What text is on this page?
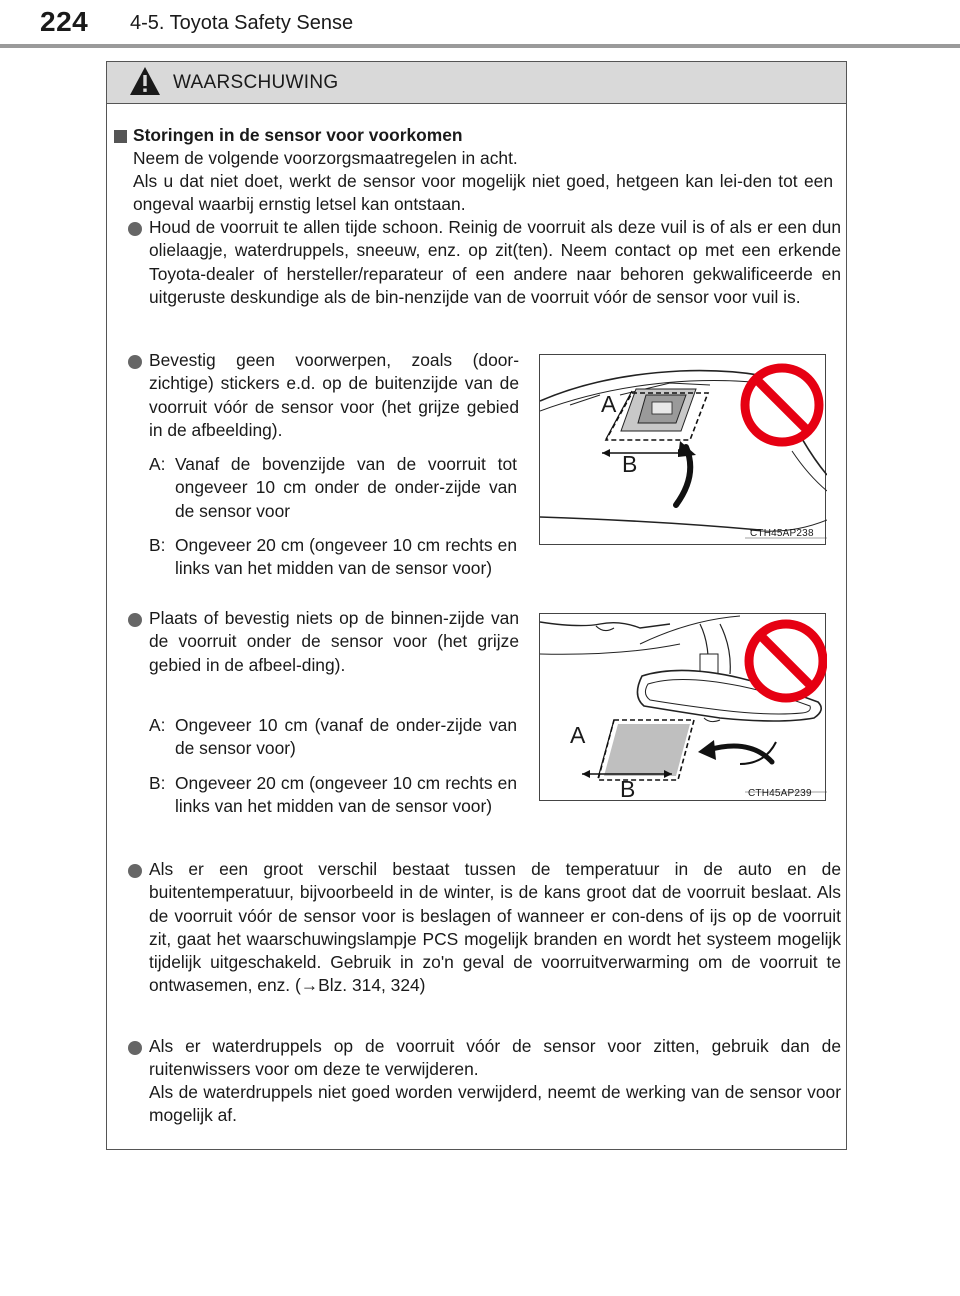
224 4-5. Toyota Safety Sense
WAARSCHUWING
Storingen in de sensor voor voorkomen
Neem de volgende voorzorgsmaatregelen in acht.
Als u dat niet doet, werkt de sensor voor mogelijk niet goed, hetgeen kan lei-den tot een ongeval waarbij ernstig letsel kan ontstaan.
Houd de voorruit te allen tijde schoon. Reinig de voorruit als deze vuil is of als er een dun olielaagje, waterdruppels, sneeuw, enz. op zit(ten). Neem contact op met een erkende Toyota-dealer of hersteller/reparateur of een andere naar behoren gekwalificeerde en uitgeruste deskundige als de bin-nenzijde van de voorruit vóór de sensor voor vuil is.
Bevestig geen voorwerpen, zoals (door-zichtige) stickers e.d. op de buitenzijde van de voorruit vóór de sensor voor (het grijze gebied in de afbeelding).
A: Vanaf de bovenzijde van de voorruit tot ongeveer 10 cm onder de onder-zijde van de sensor voor
B: Ongeveer 20 cm (ongeveer 10 cm rechts en links van het midden van de sensor voor)
A
B
CTH45AP238
Plaats of bevestig niets op de binnen-zijde van de voorruit onder de sensor voor (het grijze gebied in de afbeel-ding).
A: Ongeveer 10 cm (vanaf de onder-zijde van de sensor voor)
B: Ongeveer 20 cm (ongeveer 10 cm rechts en links van het midden van de sensor voor)
A
B	CTH45AP239
Als er een groot verschil bestaat tussen de temperatuur in de auto en de buitentemperatuur, bijvoorbeeld in de winter, is de kans groot dat de voorruit beslaat. Als de voorruit vóór de sensor voor is beslagen of wanneer er con-dens of ijs op de voorruit zit, gaat het waarschuwingslampje PCS mogelijk branden en wordt het systeem mogelijk tijdelijk uitgeschakeld. Gebruik in zo'n geval de voorruitverwarming om de voorruit te ontwasemen, enz. (→Blz. 314, 324)
Als er waterdruppels op de voorruit vóór de sensor voor zitten, gebruik dan de ruitenwissers voor om deze te verwijderen.
Als de waterdruppels niet goed worden verwijderd, neemt de werking van de sensor voor mogelijk af.
